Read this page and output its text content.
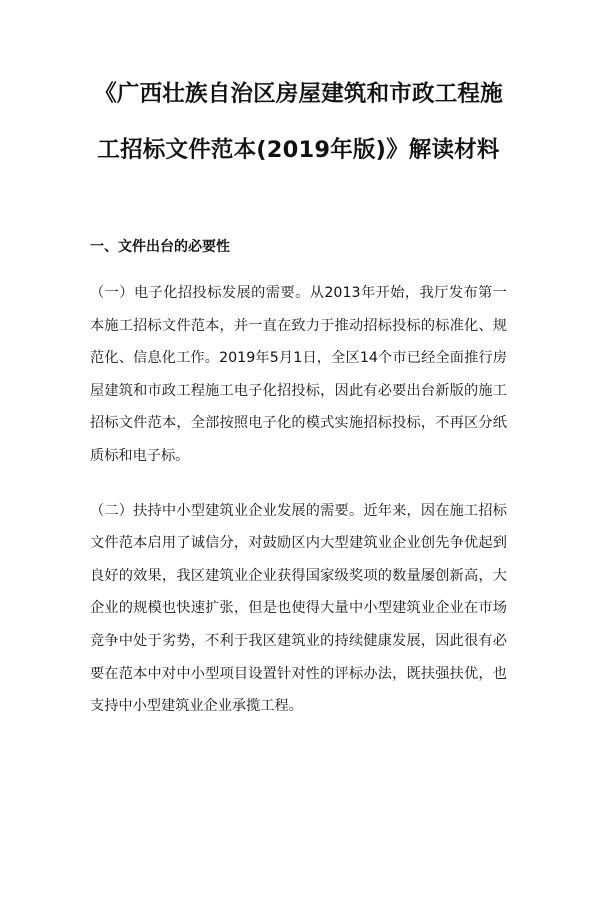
《广西壮族自治区房屋建筑和市政工程施工招标文件范本(2019年版)》解读材料
一、文件出台的必要性

（一）电子化招投标发展的需要。从2013年开始，我厅发布第一本施工招标文件范本，并一直在致力于推动招标投标的标准化、规范化、信息化工作。2019年5月1日，全区14个市已经全面推行房屋建筑和市政工程施工电子化招投标，因此有必要出台新版的施工招标文件范本，全部按照电子化的模式实施招标投标，不再区分纸质标和电子标。

（二）扶持中小型建筑业企业发展的需要。近年来，因在施工招标文件范本启用了诚信分，对鼓励区内大型建筑业企业创先争优起到良好的效果，我区建筑业企业获得国家级奖项的数量屡创新高，大企业的规模也快速扩张，但是也使得大量中小型建筑业企业在市场竞争中处于劣势，不利于我区建筑业的持续健康发展，因此很有必要在范本中对中小型项目设置针对性的评标办法，既扶强扶优，也支持中小型建筑业企业承揽工程。
